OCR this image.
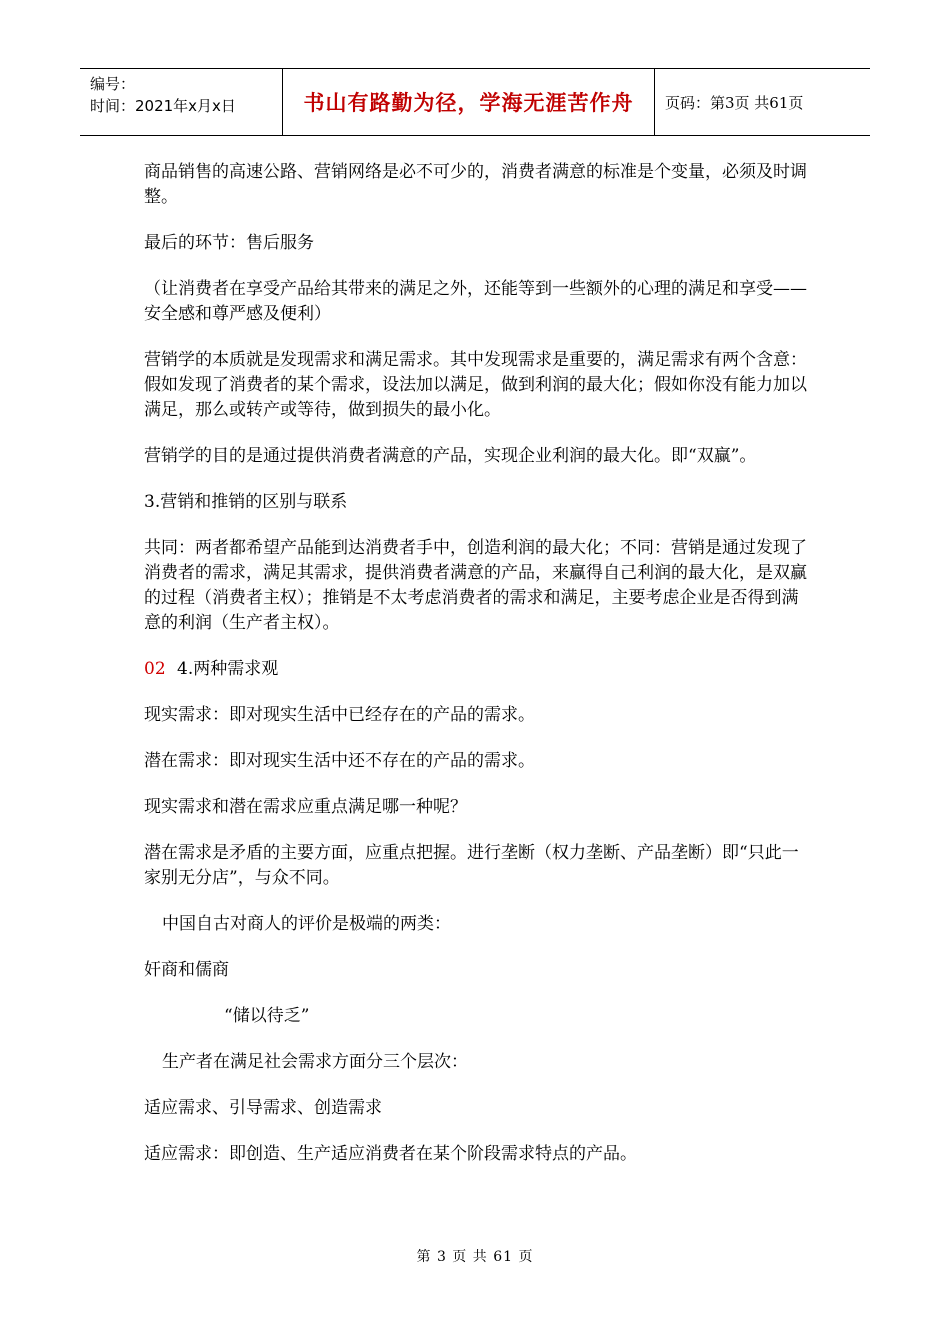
编号：
时间：2021年x月x日	书山有路勤为径，学海无涯苦作舟	页码：第3页 共61页

商品销售的高速公路、营销网络是必不可少的，消费者满意的标准是个变量，必须及时调整。

最后的环节：售后服务

（让消费者在享受产品给其带来的满足之外，还能等到一些额外的心理的满足和享受——安全感和尊严感及便利）

营销学的本质就是发现需求和满足需求。其中发现需求是重要的，满足需求有两个含意：假如发现了消费者的某个需求，设法加以满足，做到利润的最大化；假如你没有能力加以满足，那么或转产或等待，做到损失的最小化。

营销学的目的是通过提供消费者满意的产品，实现企业利润的最大化。即“双赢”。

3.营销和推销的区别与联系

共同：两者都希望产品能到达消费者手中，创造利润的最大化；不同：营销是通过发现了消费者的需求，满足其需求，提供消费者满意的产品，来赢得自己利润的最大化，是双赢的过程（消费者主权）；推销是不太考虑消费者的需求和满足，主要考虑企业是否得到满意的利润（生产者主权）。

02 4.两种需求观

现实需求：即对现实生活中已经存在的产品的需求。

潜在需求：即对现实生活中还不存在的产品的需求。

现实需求和潜在需求应重点满足哪一种呢？

潜在需求是矛盾的主要方面，应重点把握。进行垄断（权力垄断、产品垄断）即“只此一家别无分店”，与众不同。

中国自古对商人的评价是极端的两类：

奸商和儒商

“储以待乏”

生产者在满足社会需求方面分三个层次：

适应需求、引导需求、创造需求

适应需求：即创造、生产适应消费者在某个阶段需求特点的产品。

第 3 页 共 61 页
